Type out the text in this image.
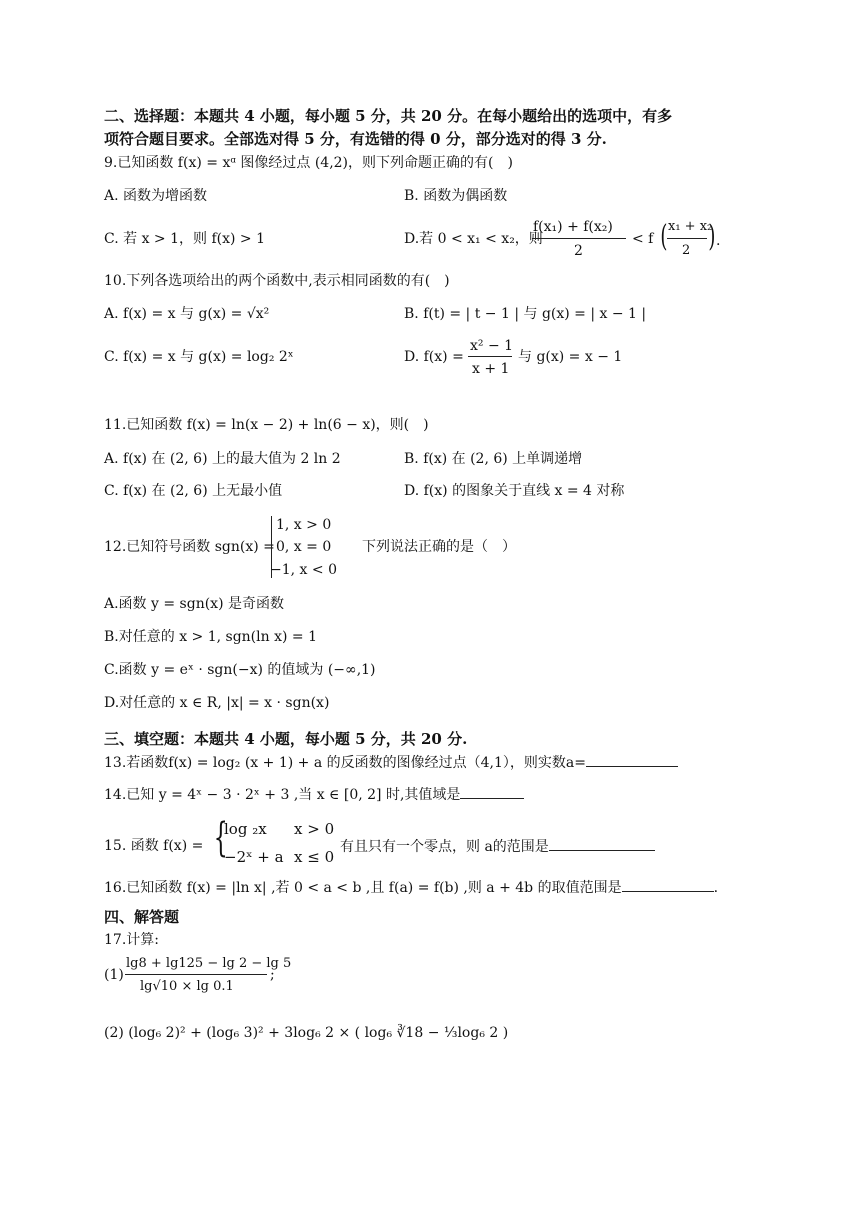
二、选择题：本题共 4 小题，每小题 5 分，共 20 分。在每小题给出的选项中，有多
项符合题目要求。全部选对得 5 分，有选错的得 0 分，部分选对的得 3 分.
9.已知函数 f(x) = xᵅ 图像经过点 (4,2)，则下列命题正确的有(　)
A. 函数为增函数	B. 函数为偶函数
C. 若 x > 1，则 f(x) > 1	D.若 0 < x₁ < x₂，则
f(x₁) + f(x₂)
2
< f ( x₁ + x₂
2 ) .
10.下列各选项给出的两个函数中,表示相同函数的有(　)
A. f(x) = x 与 g(x) = √x²	B. f(t) = | t − 1 | 与 g(x) = | x − 1 |
C. f(x) = x 与 g(x) = log₂ 2ˣ	D. f(x) =
x² − 1
x + 1
与 g(x) = x − 1
11.已知函数 f(x) = ln(x − 2) + ln(6 − x)，则(　)
A. f(x) 在 (2, 6) 上的最大值为 2 ln 2	B. f(x) 在 (2, 6) 上单调递增
C. f(x) 在 (2, 6) 上无最小值	D. f(x) 的图象关于直线 x = 4 对称
12.已知符号函数 sgn(x) =
1, x > 0
0, x = 0
−1, x < 0
下列说法正确的是（　）
A.函数 y = sgn(x) 是奇函数
B.对任意的 x > 1, sgn(ln x) = 1
C.函数 y = eˣ · sgn(−x) 的值域为 (−∞,1)
D.对任意的 x ∈ R, |x| = x · sgn(x)
三、填空题：本题共 4 小题，每小题 5 分，共 20 分.
13.若函数f(x) = log₂ (x + 1) + a 的反函数的图像经过点（4,1），则实数a=
14.已知 y = 4ˣ − 3 · 2ˣ + 3 ,当 x ∈ [0, 2] 时,其值域是
15. 函数 f(x) = {
log ₂x x > 0
−2ˣ + a x ≤ 0
有且只有一个零点，则 a的范围是
16.已知函数 f(x) = |ln x| ,若 0 < a < b ,且 f(a) = f(b) ,则 a + 4b 的取值范围是	.
四、解答题
17.计算:
(1)
lg8 + lg125 − lg 2 − lg 5
lg√10 × lg 0.1
;
(2) (log₆ 2)² + (log₆ 3)² + 3log₆ 2 × ( log₆ ∛18 − ⅓log₆ 2 )
